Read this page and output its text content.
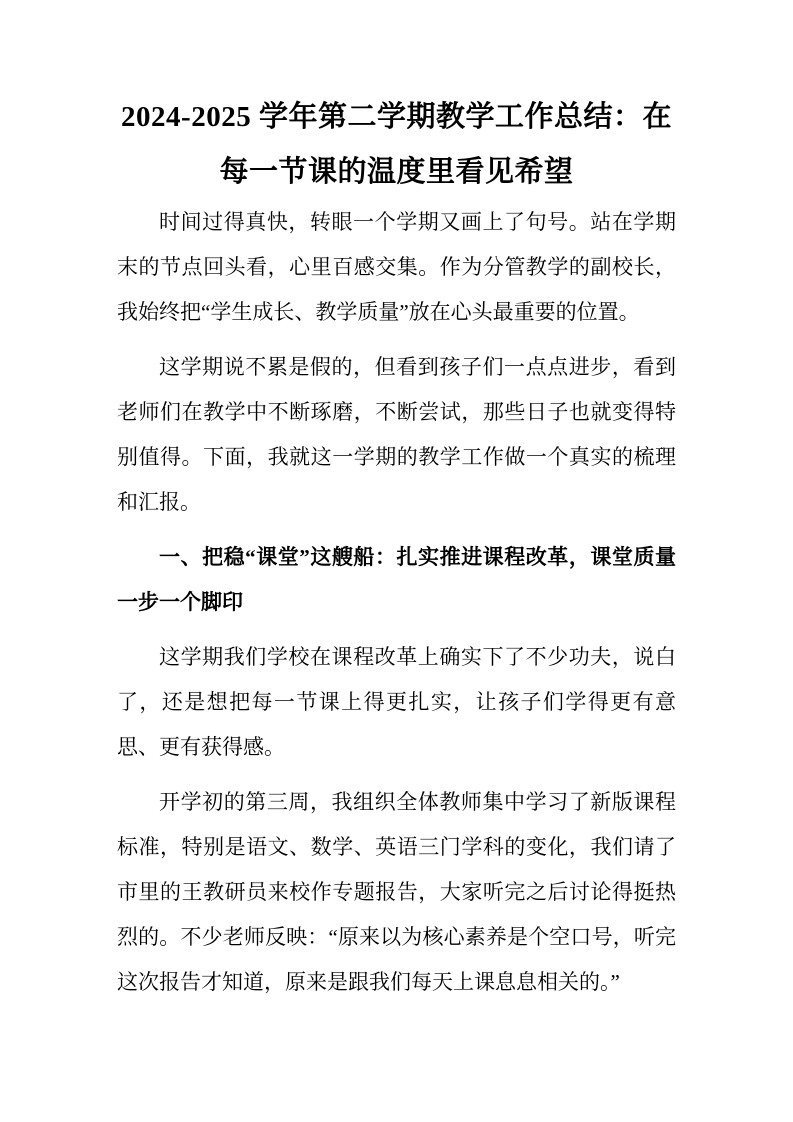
2024-2025 学年第二学期教学工作总结：在
每一节课的温度里看见希望

时间过得真快，转眼一个学期又画上了句号。站在学期末的节点回头看，心里百感交集。作为分管教学的副校长，我始终把“学生成长、教学质量”放在心头最重要的位置。

这学期说不累是假的，但看到孩子们一点点进步，看到老师们在教学中不断琢磨，不断尝试，那些日子也就变得特别值得。下面，我就这一学期的教学工作做一个真实的梳理和汇报。

一、把稳“课堂”这艘船：扎实推进课程改革，课堂质量一步一个脚印

这学期我们学校在课程改革上确实下了不少功夫，说白了，还是想把每一节课上得更扎实，让孩子们学得更有意思、更有获得感。

开学初的第三周，我组织全体教师集中学习了新版课程标准，特别是语文、数学、英语三门学科的变化，我们请了市里的王教研员来校作专题报告，大家听完之后讨论得挺热烈的。不少老师反映：“原来以为核心素养是个空口号，听完这次报告才知道，原来是跟我们每天上课息息相关的。”
